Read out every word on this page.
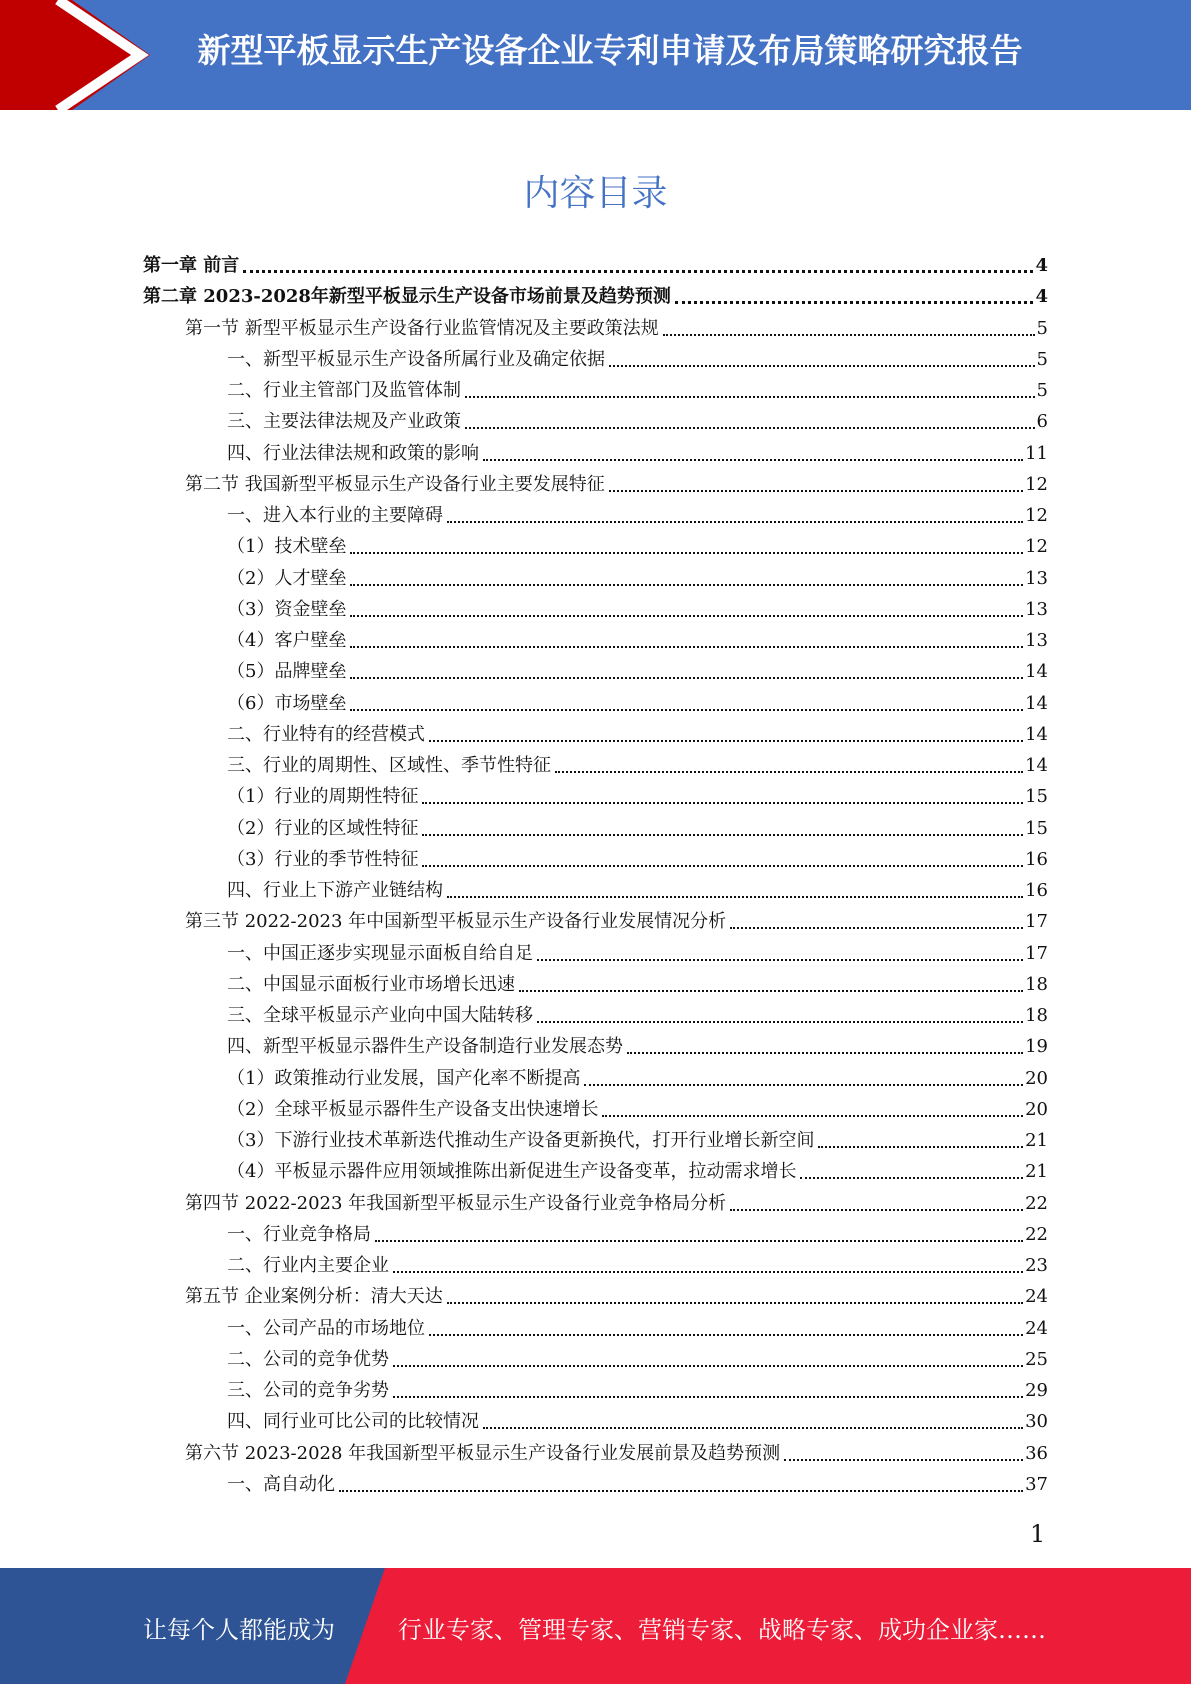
新型平板显示生产设备企业专利申请及布局策略研究报告
内容目录
第一章 前言	4
第二章 2023-2028年新型平板显示生产设备市场前景及趋势预测	4
第一节 新型平板显示生产设备行业监管情况及主要政策法规	5
一、新型平板显示生产设备所属行业及确定依据	5
二、行业主管部门及监管体制	5
三、主要法律法规及产业政策	6
四、行业法律法规和政策的影响	11
第二节 我国新型平板显示生产设备行业主要发展特征	12
一、进入本行业的主要障碍	12
（1）技术壁垒	12
（2）人才壁垒	13
（3）资金壁垒	13
（4）客户壁垒	13
（5）品牌壁垒	14
（6）市场壁垒	14
二、行业特有的经营模式	14
三、行业的周期性、区域性、季节性特征	14
（1）行业的周期性特征	15
（2）行业的区域性特征	15
（3）行业的季节性特征	16
四、行业上下游产业链结构	16
第三节 2022-2023 年中国新型平板显示生产设备行业发展情况分析	17
一、中国正逐步实现显示面板自给自足	17
二、中国显示面板行业市场增长迅速	18
三、全球平板显示产业向中国大陆转移	18
四、新型平板显示器件生产设备制造行业发展态势	19
（1）政策推动行业发展，国产化率不断提高	20
（2）全球平板显示器件生产设备支出快速增长	20
（3）下游行业技术革新迭代推动生产设备更新换代，打开行业增长新空间	21
（4）平板显示器件应用领域推陈出新促进生产设备变革，拉动需求增长	21
第四节 2022-2023 年我国新型平板显示生产设备行业竞争格局分析	22
一、行业竞争格局	22
二、行业内主要企业	23
第五节 企业案例分析：清大天达	24
一、公司产品的市场地位	24
二、公司的竞争优势	25
三、公司的竞争劣势	29
四、同行业可比公司的比较情况	30
第六节 2023-2028 年我国新型平板显示生产设备行业发展前景及趋势预测	36
一、高自动化	37
1
让每个人都能成为	行业专家、管理专家、营销专家、战略专家、成功企业家……
